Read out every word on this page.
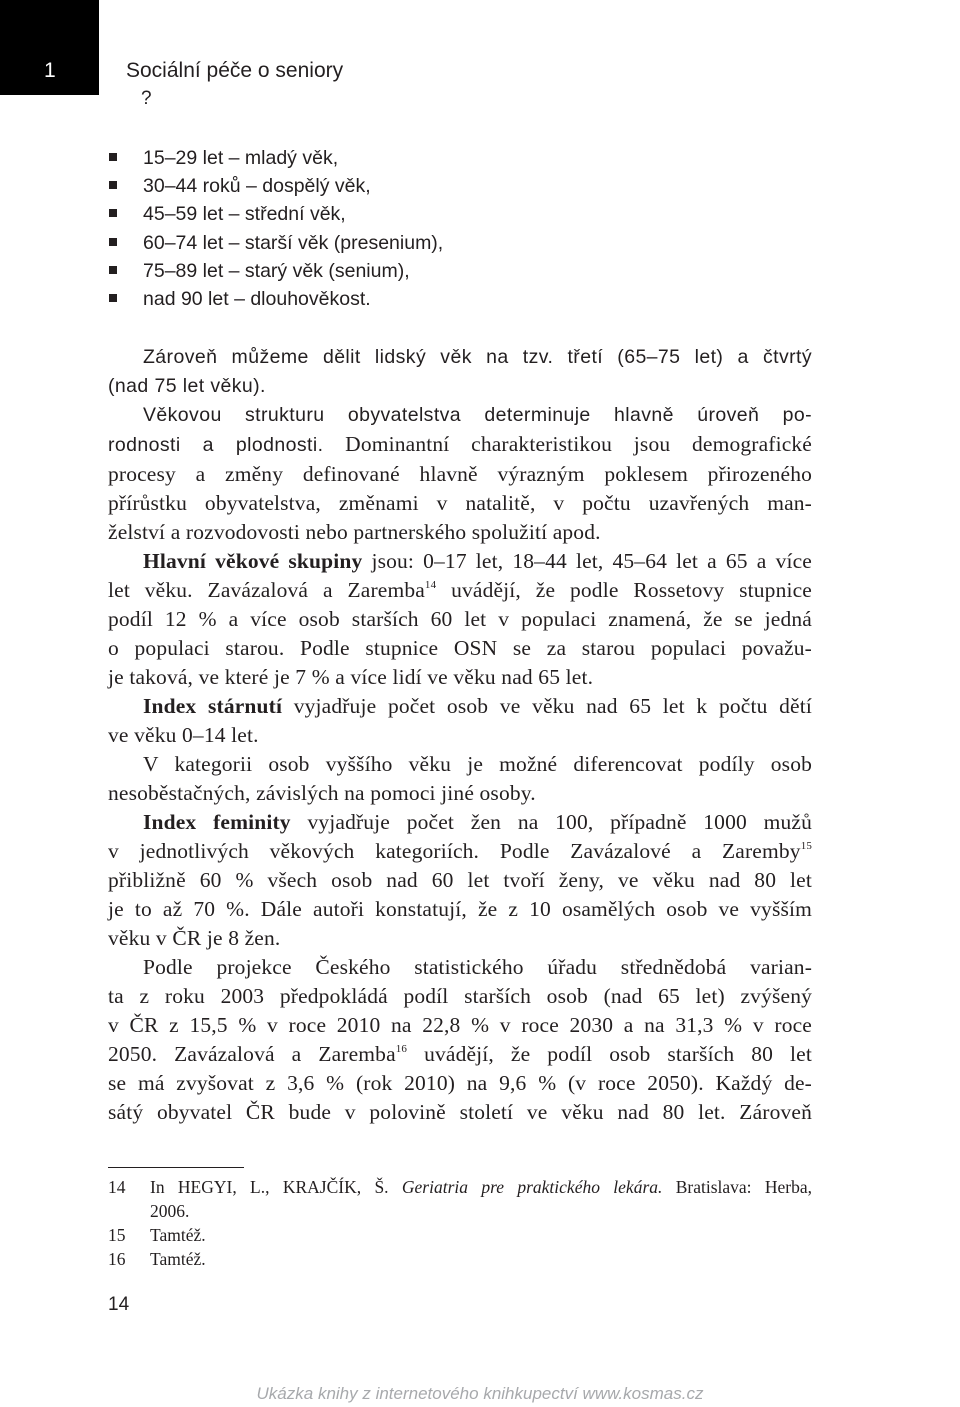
1	Sociální péče o seniory
?
15–29 let – mladý věk,
30–44 roků – dospělý věk,
45–59 let – střední věk,
60–74 let – starší věk (presenium),
75–89 let – starý věk (senium),
nad 90 let – dlouhověkost.
Zároveň můžeme dělit lidský věk na tzv. třetí (65–75 let) a čtvrtý
(nad 75 let věku).
Věkovou strukturu obyvatelstva determinuje hlavně úroveň po-
rodnosti a plodnosti. Dominantní charakteristikou jsou demografické
procesy a změny definované hlavně výrazným poklesem přirozeného
přírůstku obyvatelstva, změnami v natalitě, v počtu uzavřených man-
želství a rozvodovosti nebo partnerského spolužití apod.
Hlavní věkové skupiny jsou: 0–17 let, 18–44 let, 45–64 let a 65 a více
let věku. Zavázalová a Zaremba$^{14}$ uvádějí, že podle Rossetovy stupnice
podíl 12 % a více osob starších 60 let v populaci znamená, že se jedná
o populaci starou. Podle stupnice OSN se za starou populaci považu-
je taková, ve které je 7 % a více lidí ve věku nad 65 let.
Index stárnutí vyjadřuje počet osob ve věku nad 65 let k počtu dětí
ve věku 0–14 let.
V kategorii osob vyššího věku je možné diferencovat podíly osob
nesoběstačných, závislých na pomoci jiné osoby.
Index feminity vyjadřuje počet žen na 100, případně 1000 mužů
v jednotlivých věkových kategoriích. Podle Zavázalové a Zaremby$^{15}$
přibližně 60 % všech osob nad 60 let tvoří ženy, ve věku nad 80 let
je to až 70 %. Dále autoři konstatují, že z 10 osamělých osob ve vyšším
věku v ČR je 8 žen.
Podle projekce Českého statistického úřadu střednědobá varian-
ta z roku 2003 předpokládá podíl starších osob (nad 65 let) zvýšený
v ČR z 15,5 % v roce 2010 na 22,8 % v roce 2030 a na 31,3 % v roce
2050. Zavázalová a Zaremba$^{16}$ uvádějí, že podíl osob starších 80 let
se má zvyšovat z 3,6 % (rok 2010) na 9,6 % (v roce 2050). Každý de-
sátý obyvatel ČR bude v polovině století ve věku nad 80 let. Zároveň
14 In HEGYI, L., KRAJČÍK, Š. Geriatria pre praktického lekára. Bratislava: Herba,
2006.
15 Tamtéž.
16 Tamtéž.
14
Ukázka knihy z internetového knihkupectví www.kosmas.cz
